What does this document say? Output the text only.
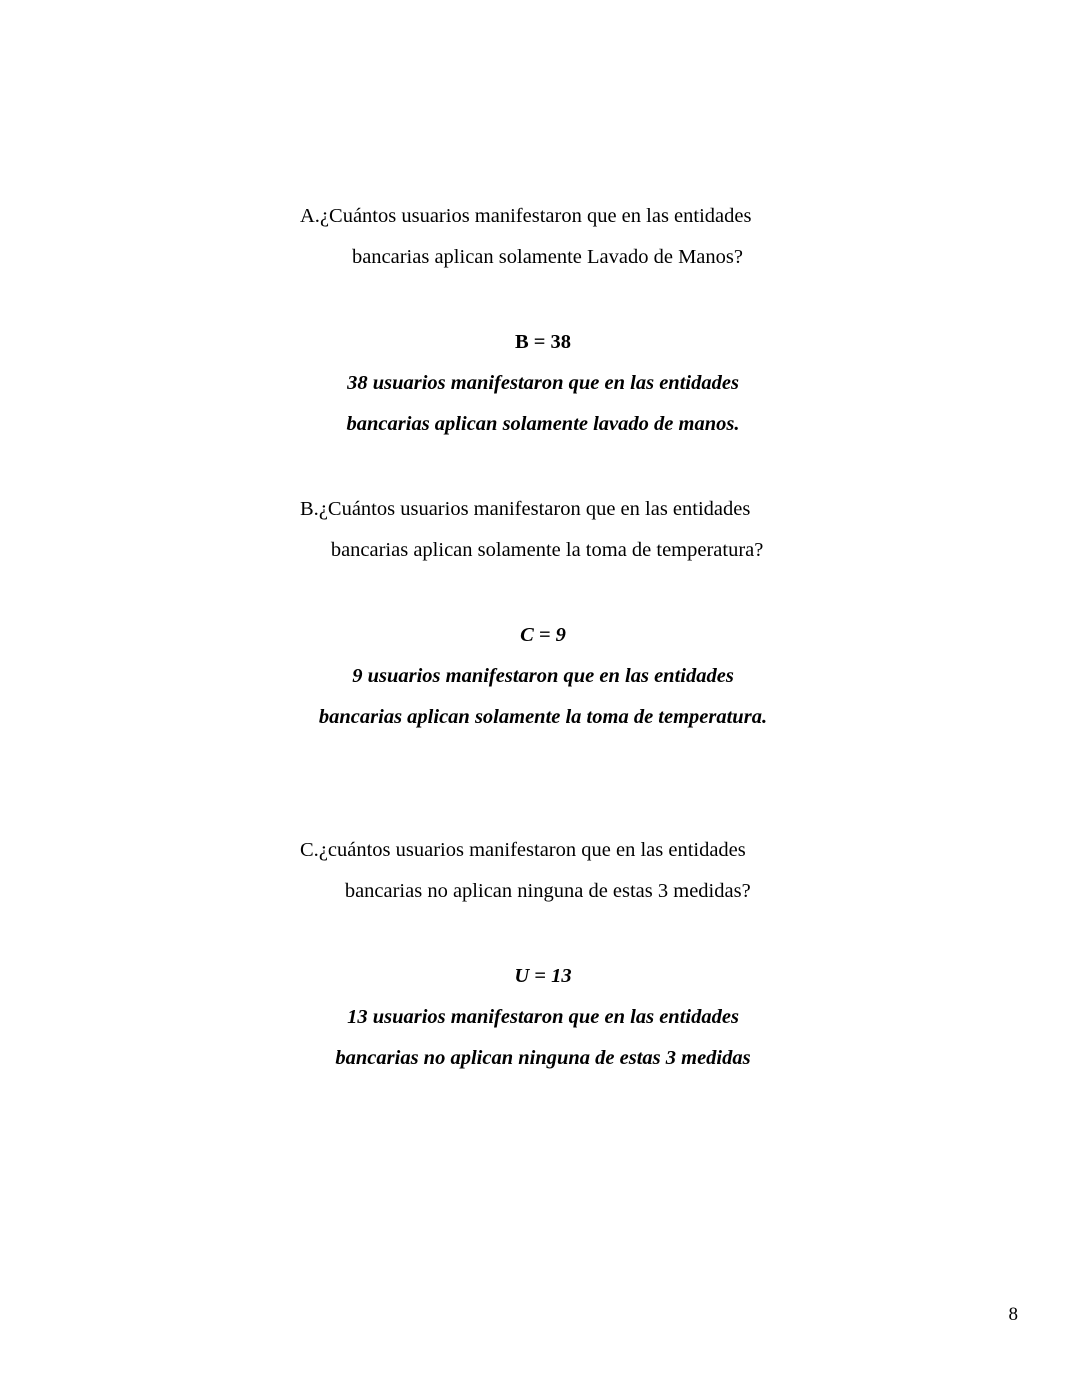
A. ¿Cuántos usuarios manifestaron que en las entidades
bancarias aplican solamente Lavado de Manos?
B = 38
38 usuarios manifestaron que en las entidades
bancarias aplican solamente lavado de manos.
B. ¿Cuántos usuarios manifestaron que en las entidades
bancarias aplican solamente la toma de temperatura?
C = 9
9 usuarios manifestaron que en las entidades
bancarias aplican solamente la toma de temperatura.
C. ¿cuántos usuarios manifestaron que en las entidades
bancarias no aplican ninguna de estas 3 medidas?
U = 13
13 usuarios manifestaron que en las entidades
bancarias no aplican ninguna de estas 3 medidas
8
